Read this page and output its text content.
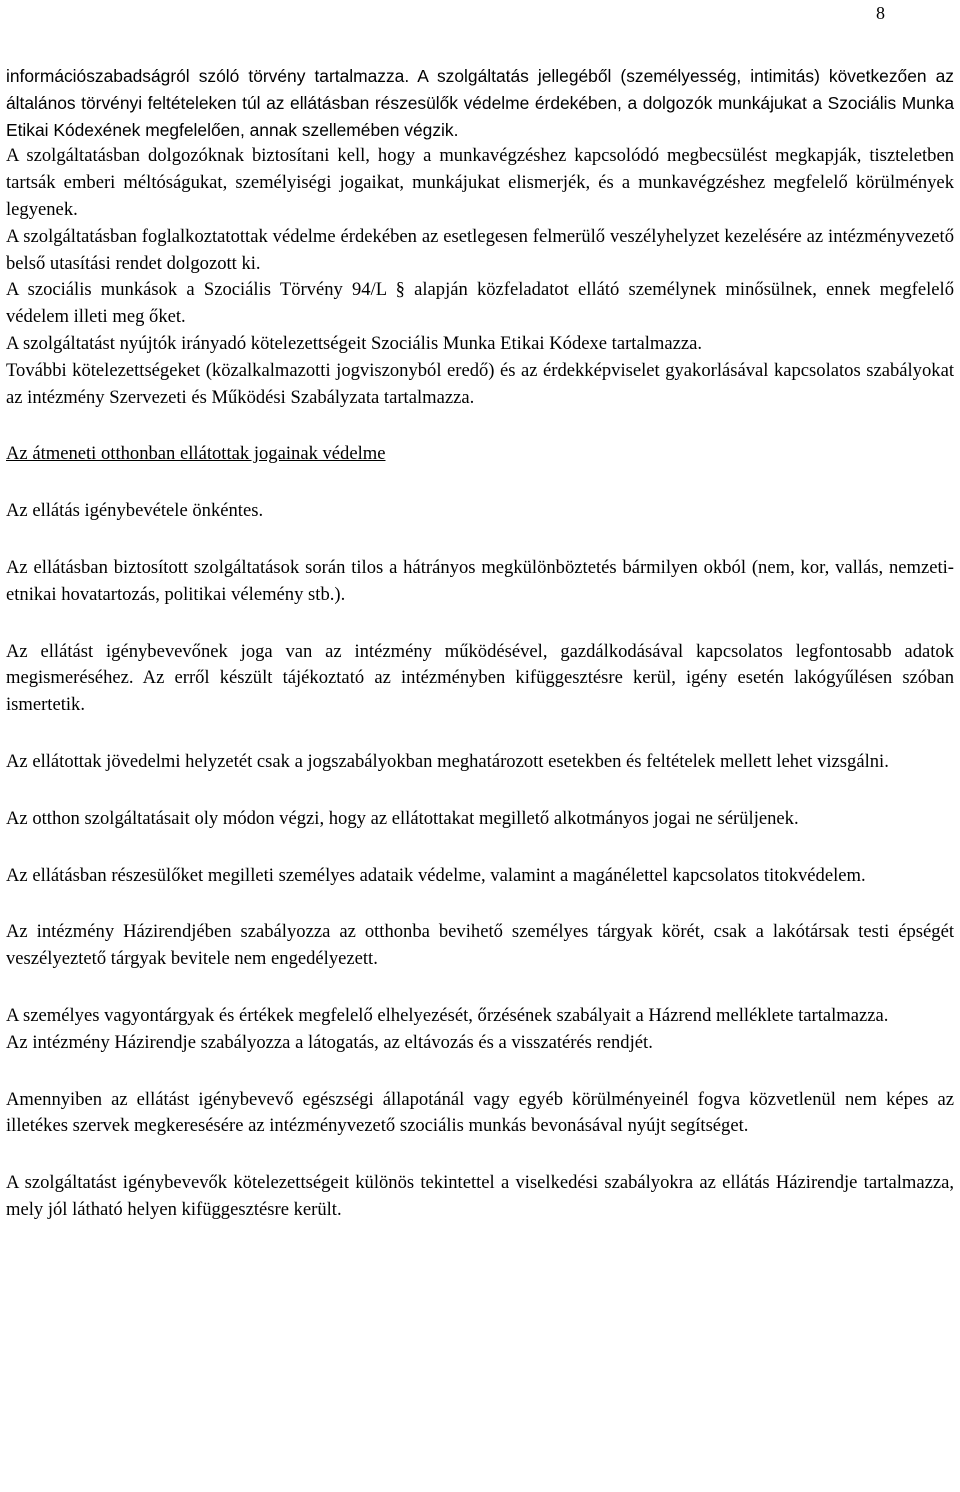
8

információszabadságról szóló törvény tartalmazza. A szolgáltatás jellegéből (személyesség, intimitás) következően az általános törvényi feltételeken túl az ellátásban részesülők védelme érdekében, a dolgozók munkájukat a Szociális Munka Etikai Kódexének megfelelően, annak szellemében végzik.

A szolgáltatásban dolgozóknak biztosítani kell, hogy a munkavégzéshez kapcsolódó megbecsülést megkapják, tiszteletben tartsák emberi méltóságukat, személyiségi jogaikat, munkájukat elismerjék, és a munkavégzéshez megfelelő körülmények legyenek.

A szolgáltatásban foglalkoztatottak védelme érdekében az esetlegesen felmerülő veszélyhelyzet kezelésére az intézményvezető belső utasítási rendet dolgozott ki.

A szociális munkások a Szociális Törvény 94/L § alapján közfeladatot ellátó személynek minősülnek, ennek megfelelő védelem illeti meg őket.

A szolgáltatást nyújtók irányadó kötelezettségeit Szociális Munka Etikai Kódexe tartalmazza.

További kötelezettségeket (közalkalmazotti jogviszonyból eredő) és az érdekképviselet gyakorlásával kapcsolatos szabályokat az intézmény Szervezeti és Működési Szabályzata tartalmazza.

Az átmeneti otthonban ellátottak jogainak védelme

Az ellátás igénybevétele önkéntes.

Az ellátásban biztosított szolgáltatások során tilos a hátrányos megkülönböztetés bármilyen okból (nem, kor, vallás, nemzeti-etnikai hovatartozás, politikai vélemény stb.).

Az ellátást igénybevevőnek joga van az intézmény működésével, gazdálkodásával kapcsolatos legfontosabb adatok megismeréséhez. Az erről készült tájékoztató az intézményben kifüggesztésre kerül, igény esetén lakógyűlésen szóban ismertetik.

Az ellátottak jövedelmi helyzetét csak a jogszabályokban meghatározott esetekben és feltételek mellett lehet vizsgálni.

Az otthon szolgáltatásait oly módon végzi, hogy az ellátottakat megillető alkotmányos jogai ne sérüljenek.

Az ellátásban részesülőket megilleti személyes adataik védelme, valamint a magánélettel kapcsolatos titokvédelem.

Az intézmény Házirendjében szabályozza az otthonba bevihető személyes tárgyak körét, csak a lakótársak testi épségét veszélyeztető tárgyak bevitele nem engedélyezett.

A személyes vagyontárgyak és értékek megfelelő elhelyezését, őrzésének szabályait a Házrend melléklete tartalmazza.

Az intézmény Házirendje szabályozza a látogatás, az eltávozás és a visszatérés rendjét.

Amennyiben az ellátást igénybevevő egészségi állapotánál vagy egyéb körülményeinél fogva közvetlenül nem képes az illetékes szervek megkeresésére az intézményvezető szociális munkás bevonásával nyújt segítséget.

A szolgáltatást igénybevevők kötelezettségeit különös tekintettel a viselkedési szabályokra az ellátás Házirendje tartalmazza, mely jól látható helyen kifüggesztésre került.
